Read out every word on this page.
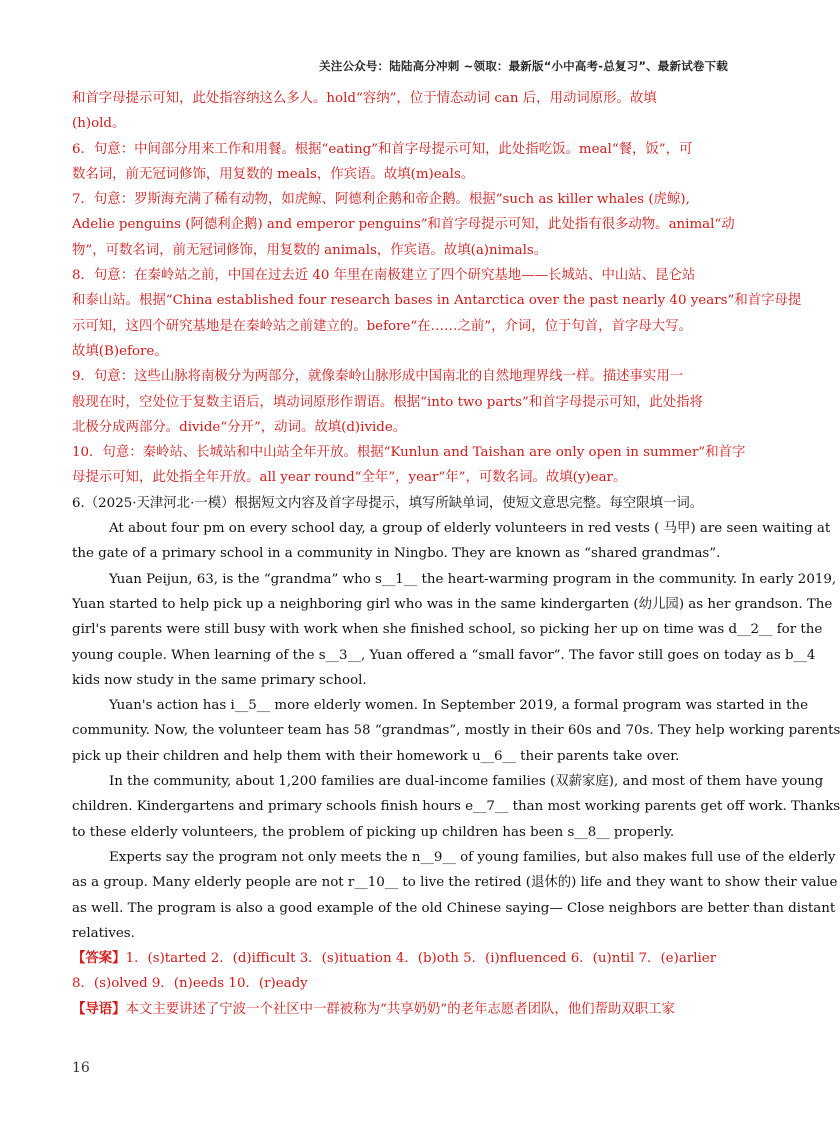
关注公众号：陆陆高分冲刺 ~领取：最新版“小中高考-总复习”、最新试卷下载
和首字母提示可知，此处指容纳这么多人。hold“容纳”，位于情态动词 can 后，用动词原形。故填
(h)old。
6．句意：中间部分用来工作和用餐。根据“eating”和首字母提示可知，此处指吃饭。meal“餐，饭”，可
数名词，前无冠词修饰，用复数的 meals，作宾语。故填(m)eals。
7．句意：罗斯海充满了稀有动物，如虎鲸、阿德利企鹅和帝企鹅。根据“such as killer whales (虎鲸),
Adelie penguins (阿德利企鹅) and emperor penguins”和首字母提示可知，此处指有很多动物。animal“动
物”，可数名词，前无冠词修饰，用复数的 animals，作宾语。故填(a)nimals。
8．句意：在秦岭站之前，中国在过去近 40 年里在南极建立了四个研究基地——长城站、中山站、昆仑站
和泰山站。根据“China established four research bases in Antarctica over the past nearly 40 years”和首字母提
示可知，这四个研究基地是在秦岭站之前建立的。before“在……之前”，介词，位于句首，首字母大写。
故填(B)efore。
9．句意：这些山脉将南极分为两部分，就像秦岭山脉形成中国南北的自然地理界线一样。描述事实用一
般现在时，空处位于复数主语后，填动词原形作谓语。根据“into two parts”和首字母提示可知，此处指将
北极分成两部分。divide“分开”，动词。故填(d)ivide。
10．句意：秦岭站、长城站和中山站全年开放。根据“Kunlun and Taishan are only open in summer”和首字
母提示可知，此处指全年开放。all year round“全年”，year“年”，可数名词。故填(y)ear。
6.（2025·天津河北·一模）根据短文内容及首字母提示，填写所缺单词，使短文意思完整。每空限填一词。
At about four pm on every school day, a group of elderly volunteers in red vests ( 马甲) are seen waiting at
the gate of a primary school in a community in Ningbo. They are known as “shared grandmas”.
Yuan Peijun, 63, is the “grandma” who s__1__ the heart-warming program in the community. In early 2019,
Yuan started to help pick up a neighboring girl who was in the same kindergarten (幼儿园) as her grandson. The
girl's parents were still busy with work when she finished school, so picking her up on time was d__2__ for the
young couple. When learning of the s__3__, Yuan offered a “small favor”. The favor still goes on today as b__4
kids now study in the same primary school.
Yuan's action has i__5__ more elderly women. In September 2019, a formal program was started in the
community. Now, the volunteer team has 58 “grandmas”, mostly in their 60s and 70s. They help working parents
pick up their children and help them with their homework u__6__ their parents take over.
In the community, about 1,200 families are dual-income families (双薪家庭), and most of them have young
children. Kindergartens and primary schools finish hours e__7__ than most working parents get off work. Thanks
to these elderly volunteers, the problem of picking up children has been s__8__ properly.
Experts say the program not only meets the n__9__ of young families, but also makes full use of the elderly
as a group. Many elderly people are not r__10__ to live the retired (退休的) life and they want to show their value
as well. The program is also a good example of the old Chinese saying— Close neighbors are better than distant
relatives.
【答案】1．(s)tarted 2．(d)ifficult 3．(s)ituation 4．(b)oth 5．(i)nfluenced 6．(u)ntil 7．(e)arlier
8．(s)olved 9．(n)eeds 10．(r)eady
【导语】本文主要讲述了宁波一个社区中一群被称为“共享奶奶”的老年志愿者团队，他们帮助双职工家
16
